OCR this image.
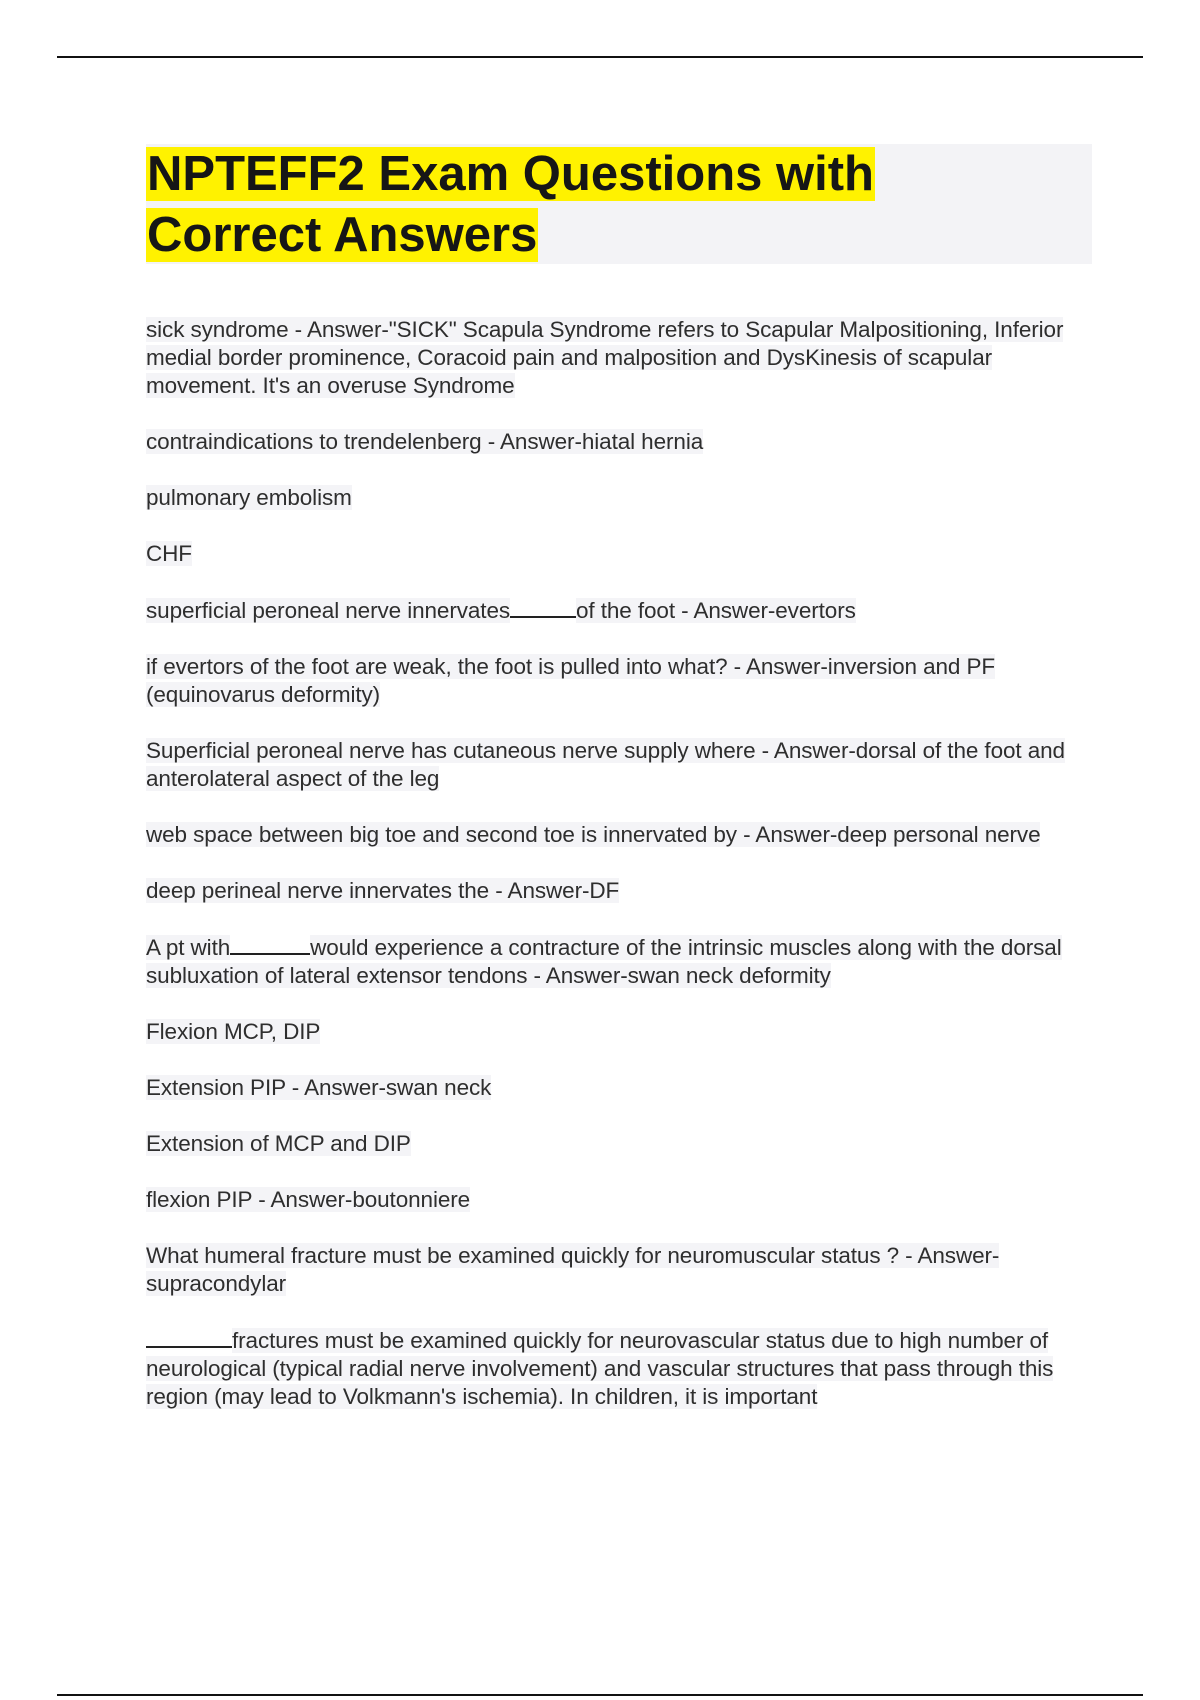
NPTEFF2 Exam Questions with
Correct Answers

sick syndrome - Answer-"SICK" Scapula Syndrome refers to Scapular Malpositioning, Inferior medial border prominence, Coracoid pain and malposition and DysKinesis of scapular movement. It's an overuse Syndrome

contraindications to trendelenberg - Answer-hiatal hernia

pulmonary embolism

CHF

superficial peroneal nerve innervates	of the foot - Answer-evertors

if evertors of the foot are weak, the foot is pulled into what? - Answer-inversion and PF (equinovarus deformity)

Superficial peroneal nerve has cutaneous nerve supply where - Answer-dorsal of the foot and anterolateral aspect of the leg

web space between big toe and second toe is innervated by - Answer-deep personal nerve

deep perineal nerve innervates the - Answer-DF

A pt with	would experience a contracture of the intrinsic muscles along with the dorsal subluxation of lateral extensor tendons - Answer-swan neck deformity

Flexion MCP, DIP

Extension PIP - Answer-swan neck

Extension of MCP and DIP

flexion PIP - Answer-boutonniere

What humeral fracture must be examined quickly for neuromuscular status ? - Answer-supracondylar

fractures must be examined quickly for neurovascular status due to high number of neurological (typical radial nerve involvement) and vascular structures that pass through this region (may lead to Volkmann's ischemia). In children, it is important
